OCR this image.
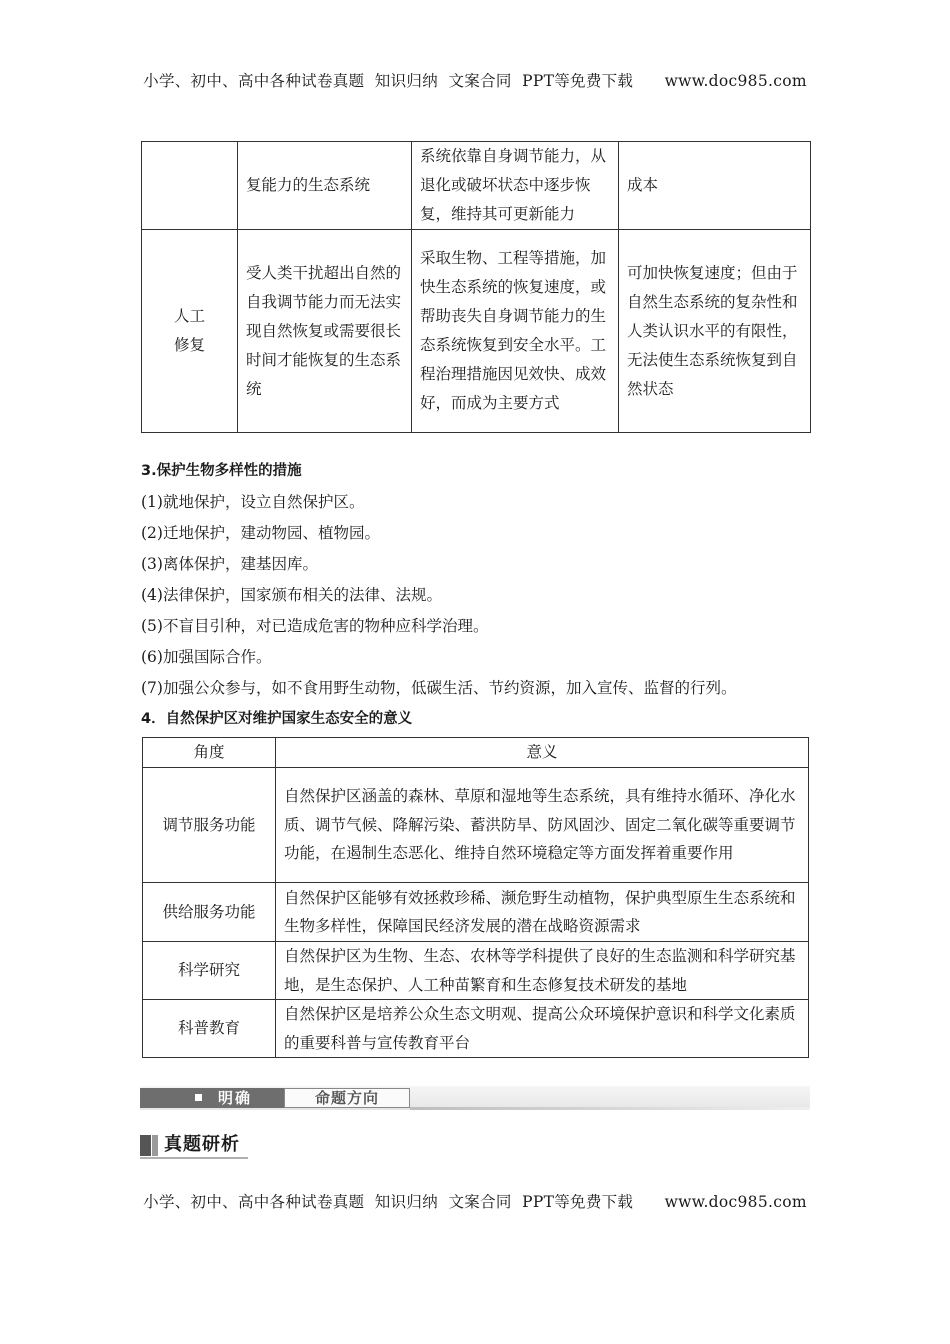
小学、初中、高中各种试卷真题  知识归纳  文案合同  PPT等免费下载      www.doc985.com
	复能力的生态系统	系统依靠自身调节能力，从退化或破坏状态中逐步恢复，维持其可更新能力	成本
人工
修复	受人类干扰超出自然的自我调节能力而无法实现自然恢复或需要很长时间才能恢复的生态系统	采取生物、工程等措施，加快生态系统的恢复速度，或帮助丧失自身调节能力的生态系统恢复到安全水平。工程治理措施因见效快、成效好，而成为主要方式	可加快恢复速度；但由于自然生态系统的复杂性和人类认识水平的有限性，无法使生态系统恢复到自然状态
3.保护生物多样性的措施
(1)就地保护，设立自然保护区。
(2)迁地保护，建动物园、植物园。
(3)离体保护，建基因库。
(4)法律保护，国家颁布相关的法律、法规。
(5)不盲目引种，对已造成危害的物种应科学治理。
(6)加强国际合作。
(7)加强公众参与，如不食用野生动物，低碳生活、节约资源，加入宣传、监督的行列。
4．自然保护区对维护国家生态安全的意义
角度	意义
调节服务功能	自然保护区涵盖的森林、草原和湿地等生态系统，具有维持水循环、净化水质、调节气候、降解污染、蓄洪防旱、防风固沙、固定二氧化碳等重要调节功能，在遏制生态恶化、维持自然环境稳定等方面发挥着重要作用
供给服务功能	自然保护区能够有效拯救珍稀、濒危野生动植物，保护典型原生生态系统和生物多样性，保障国民经济发展的潜在战略资源需求
科学研究	自然保护区为生物、生态、农林等学科提供了良好的生态监测和科学研究基地，是生态保护、人工种苗繁育和生态修复技术研发的基地
科普教育	自然保护区是培养公众生态文明观、提高公众环境保护意识和科学文化素质的重要科普与宣传教育平台
明确	命题方向
真题研析
小学、初中、高中各种试卷真题  知识归纳  文案合同  PPT等免费下载      www.doc985.com
